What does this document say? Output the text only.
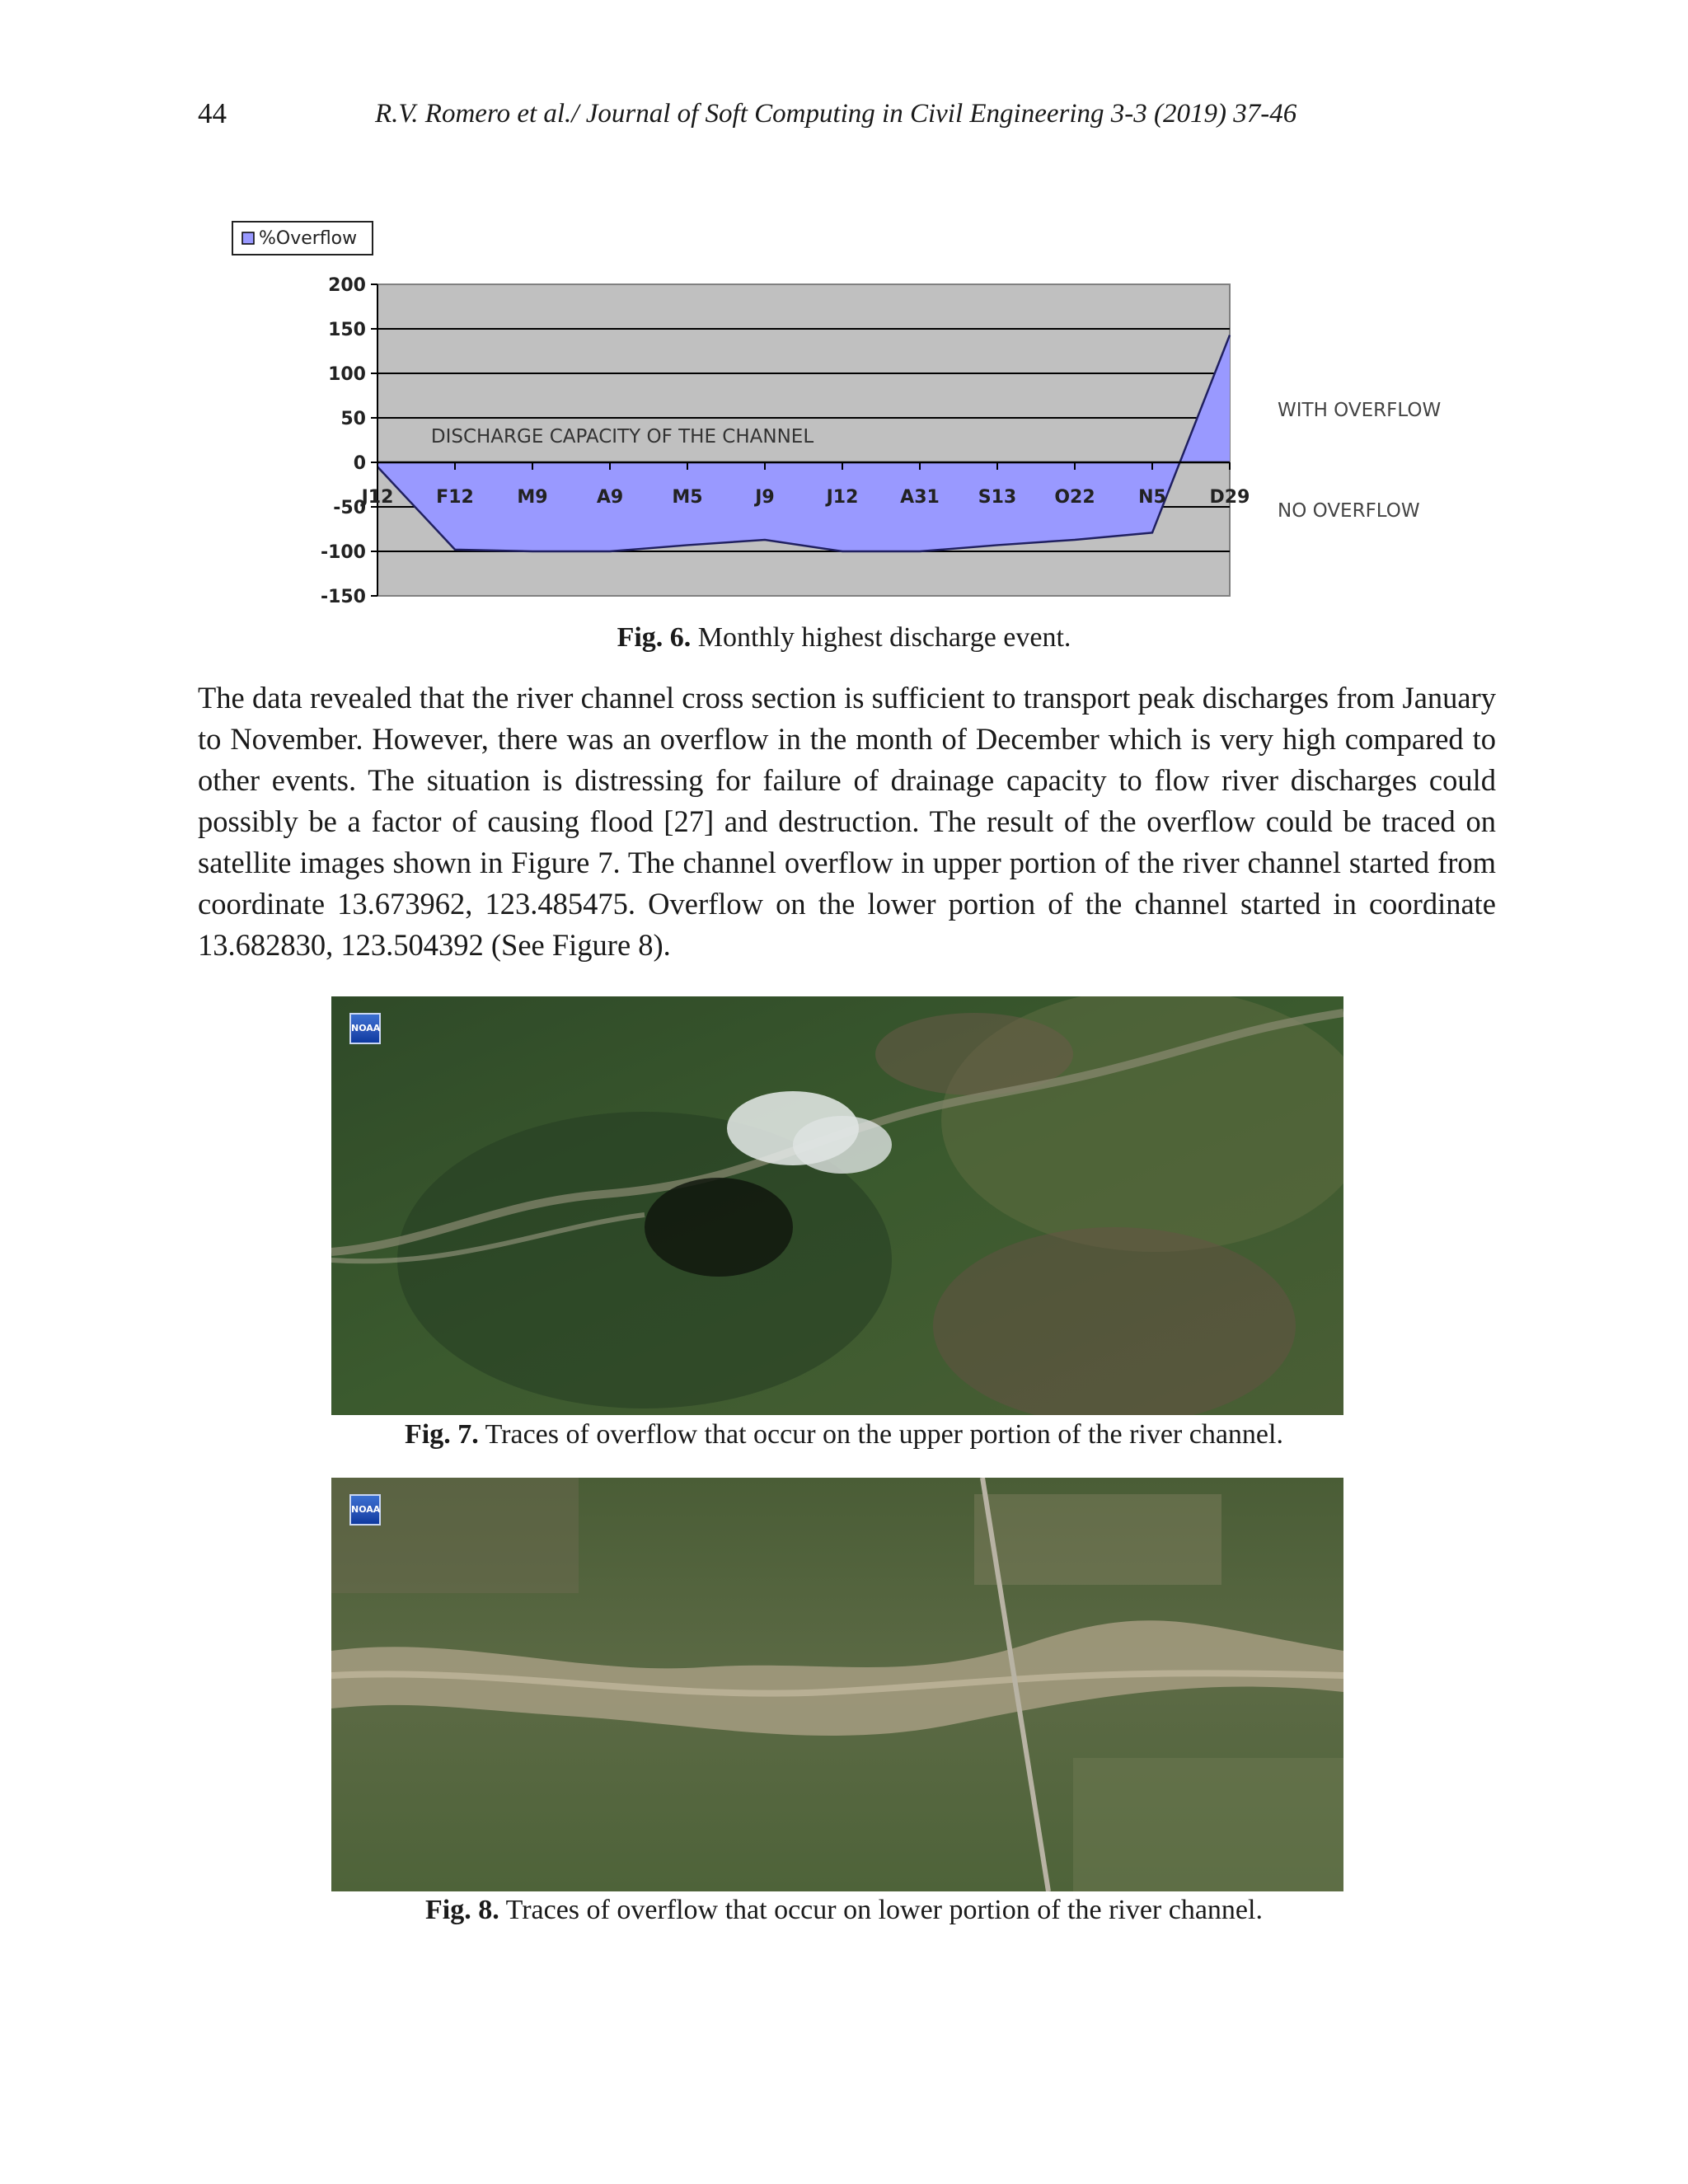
44	R.V. Romero et al./ Journal of Soft Computing in Civil Engineering 3-3 (2019) 37-46
%Overflow
200
150
100
50
0
-50
-100
-150
J12 F12 M9	A9	M5	J9	J12 A31 S13 O22 N5 D29
DISCHARGE CAPACITY OF THE CHANNEL
WITH OVERFLOW
NO OVERFLOW
Fig. 6. Monthly highest discharge event.

The data revealed that the river channel cross section is sufficient to transport peak discharges from January to November. However, there was an overflow in the month of December which is very high compared to other events. The situation is distressing for failure of drainage capacity to flow river discharges could possibly be a factor of causing flood [27] and destruction. The result of the overflow could be traced on satellite images shown in Figure 7. The channel overflow in upper portion of the river channel started from coordinate 13.673962, 123.485475. Overflow on the lower portion of the channel started in coordinate 13.682830, 123.504392 (See Figure 8).

NOAA
Fig. 7. Traces of overflow that occur on the upper portion of the river channel.
NOAA
Fig. 8. Traces of overflow that occur on lower portion of the river channel.
